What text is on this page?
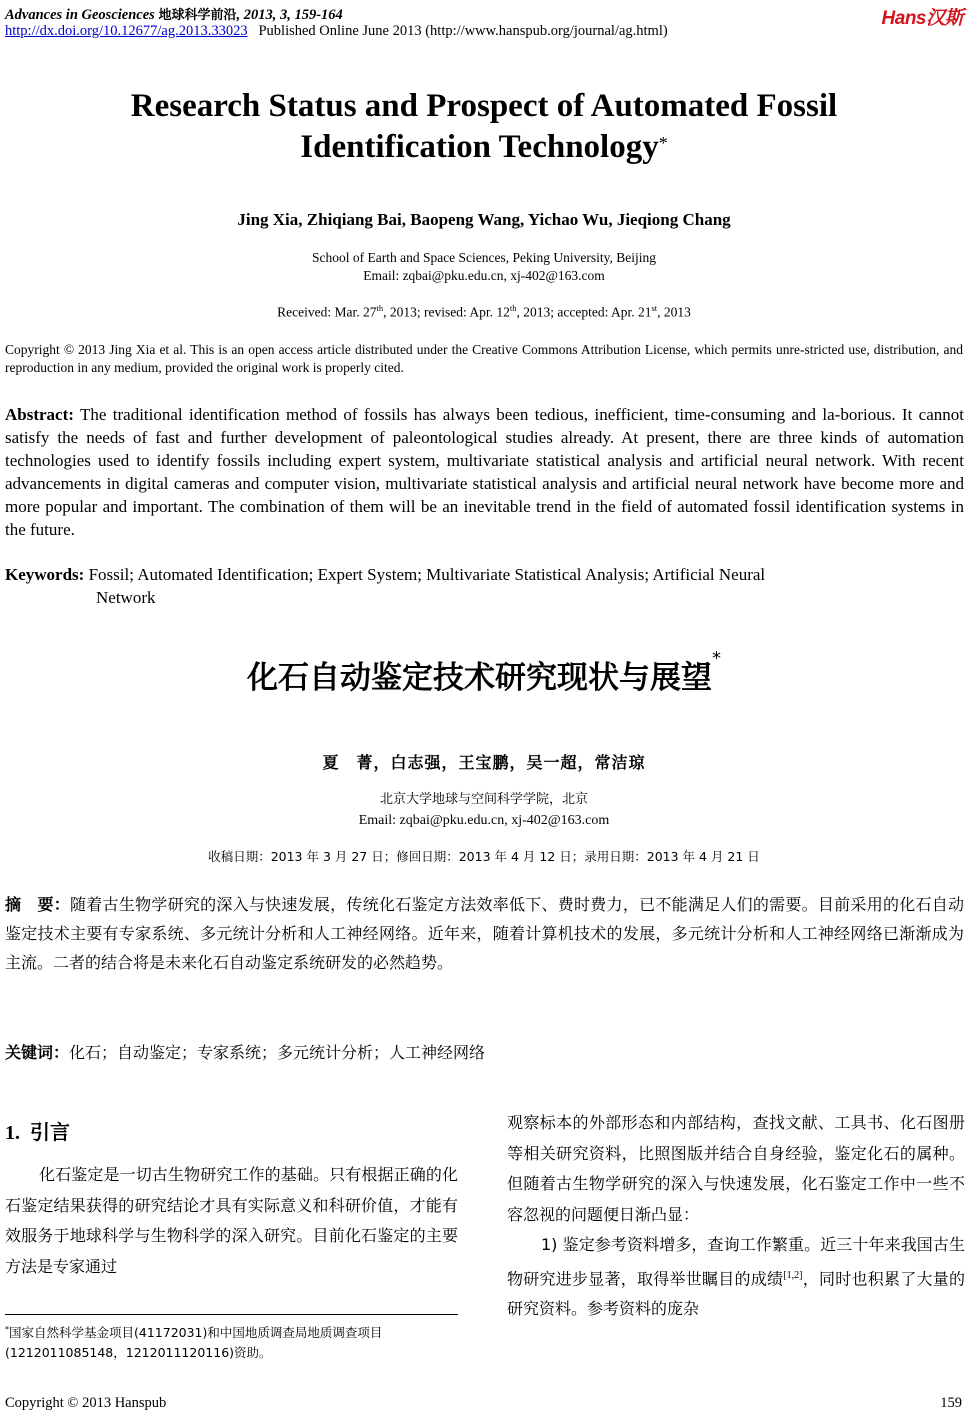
Advances in Geosciences 地球科学前沿, 2013, 3, 159-164
http://dx.doi.org/10.12677/ag.2013.33023 Published Online June 2013 (http://www.hanspub.org/journal/ag.html)
Hans汉斯
Research Status and Prospect of Automated Fossil
Identification Technology*
Jing Xia, Zhiqiang Bai, Baopeng Wang, Yichao Wu, Jieqiong Chang
School of Earth and Space Sciences, Peking University, Beijing
Email: zqbai@pku.edu.cn, xj-402@163.com
Received: Mar. 27th, 2013; revised: Apr. 12th, 2013; accepted: Apr. 21st, 2013
Copyright © 2013 Jing Xia et al. This is an open access article distributed under the Creative Commons Attribution License, which permits unre-stricted use, distribution, and reproduction in any medium, provided the original work is properly cited.
Abstract: The traditional identification method of fossils has always been tedious, inefficient, time-consuming and la-borious. It cannot satisfy the needs of fast and further development of paleontological studies already. At present, there are three kinds of automation technologies used to identify fossils including expert system, multivariate statistical analysis and artificial neural network. With recent advancements in digital cameras and computer vision, multivariate statistical analysis and artificial neural network have become more and more popular and important. The combination of them will be an inevitable trend in the field of automated fossil identification systems in the future.
Keywords: Fossil; Automated Identification; Expert System; Multivariate Statistical Analysis; Artificial Neural
Network
化石自动鉴定技术研究现状与展望*
夏　菁，白志强，王宝鹏，吴一超，常洁琼
北京大学地球与空间科学学院，北京
Email: zqbai@pku.edu.cn, xj-402@163.com
收稿日期：2013 年 3 月 27 日；修回日期：2013 年 4 月 12 日；录用日期：2013 年 4 月 21 日
摘　要：随着古生物学研究的深入与快速发展，传统化石鉴定方法效率低下、费时费力，已不能满足人们的需要。目前采用的化石自动鉴定技术主要有专家系统、多元统计分析和人工神经网络。近年来，随着计算机技术的发展，多元统计分析和人工神经网络已渐渐成为主流。二者的结合将是未来化石自动鉴定系统研发的必然趋势。
关键词：化石；自动鉴定；专家系统；多元统计分析；人工神经网络
1. 引言

化石鉴定是一切古生物研究工作的基础。只有根据正确的化石鉴定结果获得的研究结论才具有实际意义和科研价值，才能有效服务于地球科学与生物科学的深入研究。目前化石鉴定的主要方法是专家通过

观察标本的外部形态和内部结构，查找文献、工具书、化石图册等相关研究资料，比照图版并结合自身经验，鉴定化石的属种。但随着古生物学研究的深入与快速发展，化石鉴定工作中一些不容忽视的问题便日渐凸显：

1) 鉴定参考资料增多，查询工作繁重。近三十年来我国古生物研究进步显著，取得举世瞩目的成绩[1,2]，同时也积累了大量的研究资料。参考资料的庞杂

*国家自然科学基金项目(41172031)和中国地质调查局地质调查项目(1212011085148，1212011120116)资助。
Copyright © 2013 Hanspub	159
